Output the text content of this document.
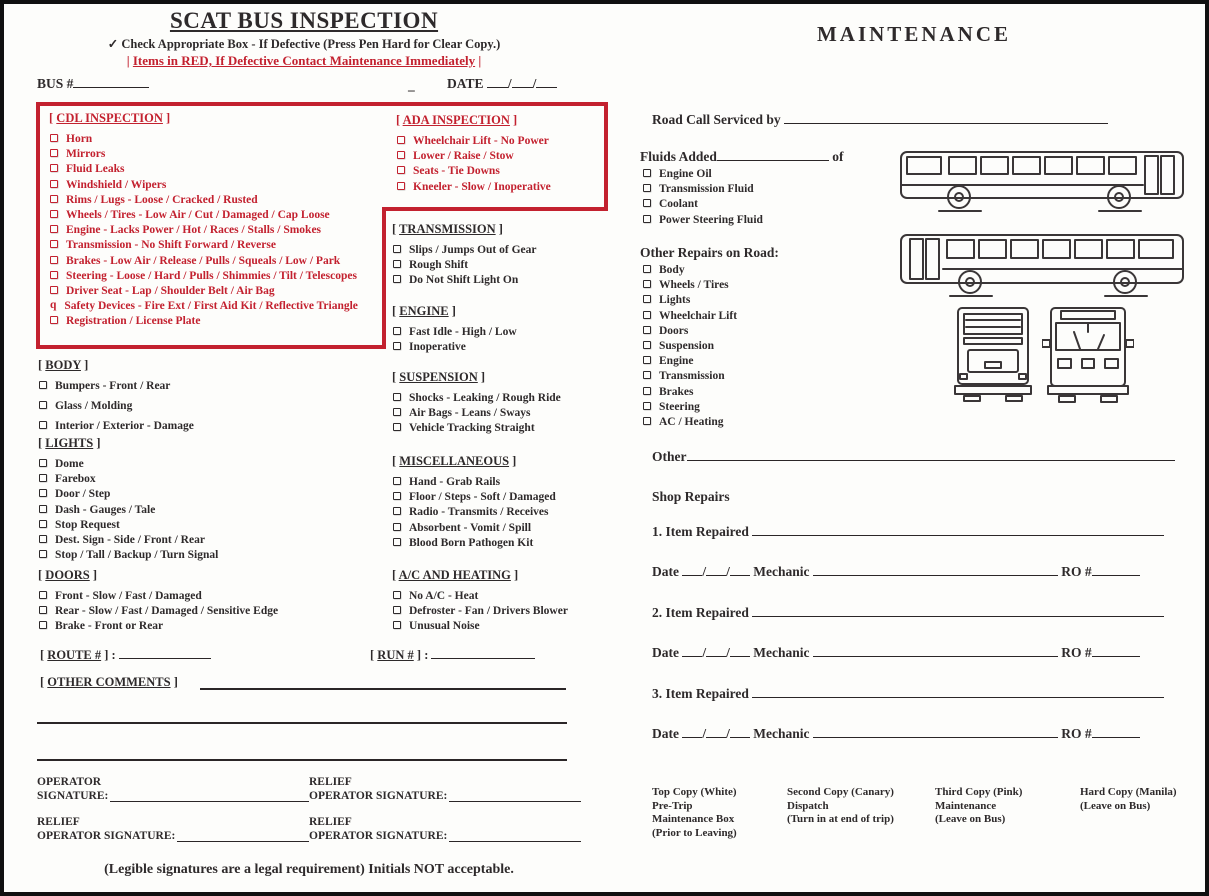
SCAT BUS INSPECTION
✓ Check Appropriate Box - If Defective (Press Pen Hard for Clear Copy.)
| Items in RED, If Defective Contact Maintenance Immediately |
BUS #	– DATE / /
[ CDL INSPECTION ]
Horn
Mirrors
Fluid Leaks
Windshield / Wipers
Rims / Lugs - Loose / Cracked / Rusted
Wheels / Tires - Low Air / Cut / Damaged / Cap Loose
Engine - Lacks Power / Hot / Races / Stalls / Smokes
Transmission - No Shift Forward / Reverse
Brakes - Low Air / Release / Pulls / Squeals / Low / Park
Steering - Loose / Hard / Pulls / Shimmies / Tilt / Telescopes
Driver Seat - Lap / Shoulder Belt / Air Bag
q Safety Devices - Fire Ext / First Aid Kit / Reflective Triangle
Registration / License Plate
[ ADA INSPECTION ]
Wheelchair Lift - No Power
Lower / Raise / Stow
Seats - Tie Downs
Kneeler - Slow / Inoperative
[ TRANSMISSION ]
Slips / Jumps Out of Gear
Rough Shift
Do Not Shift Light On
[ ENGINE ]
Fast Idle - High / Low
Inoperative
[ SUSPENSION ]
Shocks - Leaking / Rough Ride
Air Bags - Leans / Sways
Vehicle Tracking Straight
[ MISCELLANEOUS ]
Hand - Grab Rails
Floor / Steps - Soft / Damaged
Radio - Transmits / Receives
Absorbent - Vomit / Spill
Blood Born Pathogen Kit
[ A/C AND HEATING ]
No A/C - Heat
Defroster - Fan / Drivers Blower
Unusual Noise
[ BODY ]
Bumpers - Front / Rear
Glass / Molding
Interior / Exterior - Damage
[ LIGHTS ]
Dome
Farebox
Door / Step
Dash - Gauges / Tale
Stop Request
Dest. Sign - Side / Front / Rear
Stop / Tall / Backup / Turn Signal
[ DOORS ]
Front - Slow / Fast / Damaged
Rear - Slow / Fast / Damaged / Sensitive Edge
Brake - Front or Rear
[ ROUTE # ] :	[ RUN # ] :
[ OTHER COMMENTS ]
OPERATOR
SIGNATURE:
RELIEF
OPERATOR SIGNATURE:
RELIEF
OPERATOR SIGNATURE:
RELIEF
OPERATOR SIGNATURE:
(Legible signatures are a legal requirement) Initials NOT acceptable.
MAINTENANCE
Road Call Serviced by
Fluids Added	of
Engine Oil
Transmission Fluid
Coolant
Power Steering Fluid
Other Repairs on Road:
Body
Wheels / Tires
Lights
Wheelchair Lift
Doors
Suspension
Engine
Transmission
Brakes
Steering
AC / Heating
Other
Shop Repairs
1. Item Repaired
Date / / Mechanic	RO #
2. Item Repaired
Date / / Mechanic	RO #
3. Item Repaired
Date / / Mechanic	RO #
Top Copy (White)
Pre-Trip
Maintenance Box
(Prior to Leaving)
Second Copy (Canary)
Dispatch
(Turn in at end of trip)
Third Copy (Pink)
Maintenance
(Leave on Bus)
Hard Copy (Manila)
(Leave on Bus)
